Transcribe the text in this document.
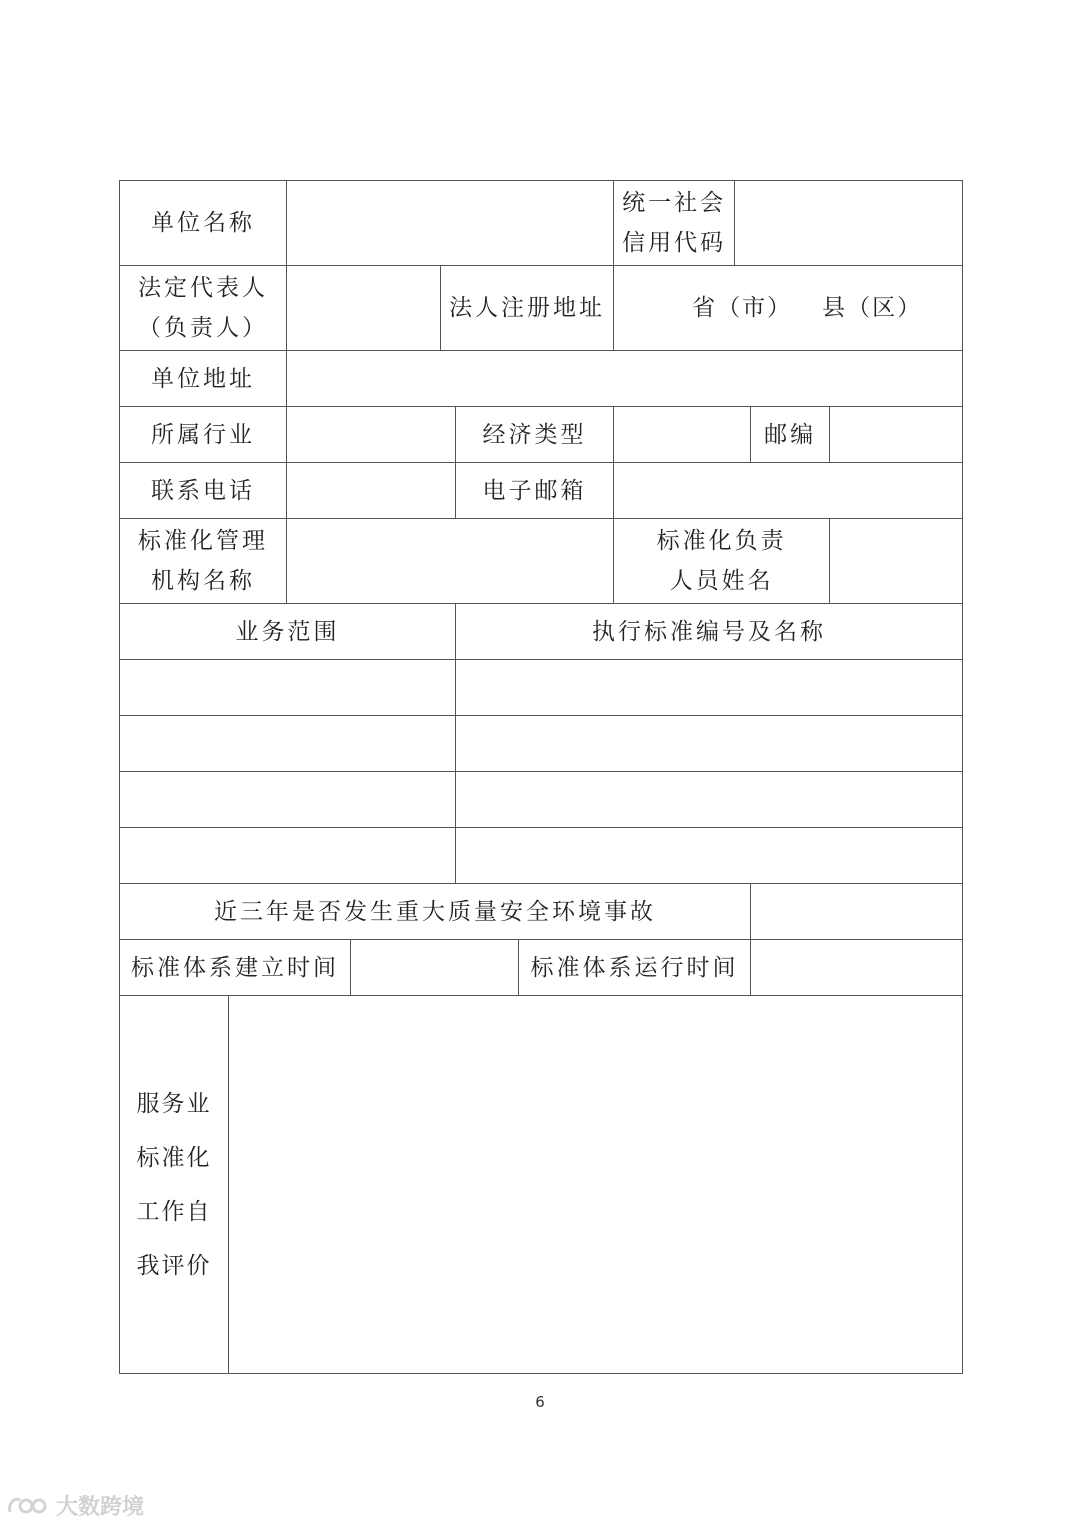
单位名称							统一社会
信用代码			
法定代表人
（负责人）				法人注册地址			省（市） 县（区）			

单位地址										
所属行业					经济类型				邮编	
联系电话					电子邮箱					
标准化管理
机构名称							标准化负责
人员姓名			
业务范围					执行标准编号及名称					

近三年是否发生重大质量安全环境事故										
标准体系建立时间						标准体系运行时间				
服务业
标准化
工作自
我评价										
6
大数跨境
